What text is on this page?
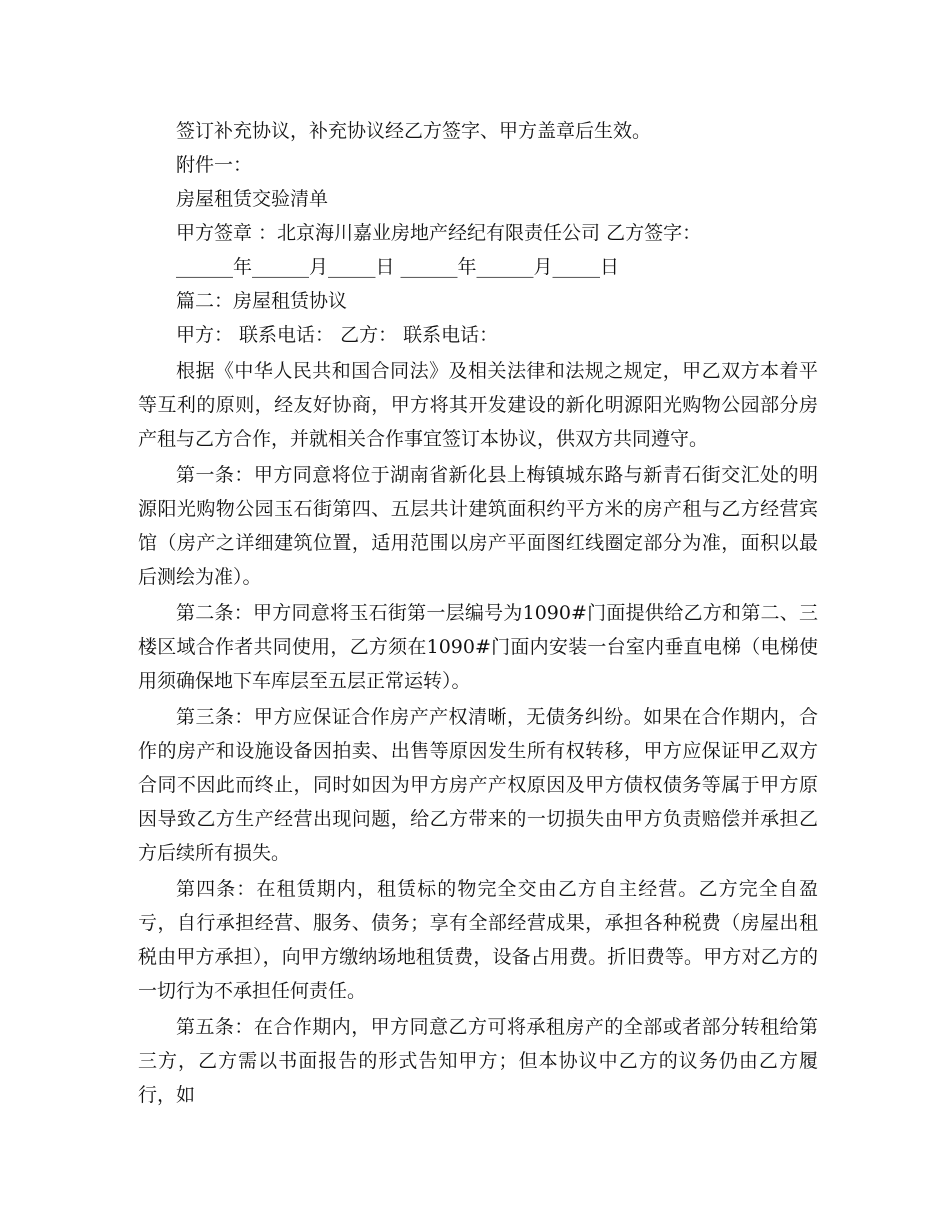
签订补充协议，补充协议经乙方签字、甲方盖章后生效。
附件一：
房屋租赁交验清单
甲方签章 ：北京海川嘉业房地产经纪有限责任公司 乙方签字：
______年______月_____日 ______年______月_____日
篇二：房屋租赁协议
甲方： 联系电话： 乙方： 联系电话：

根据《中华人民共和国合同法》及相关法律和法规之规定，甲乙双方本着平等互利的原则，经友好协商，甲方将其开发建设的新化明源阳光购物公园部分房产租与乙方合作，并就相关合作事宜签订本协议，供双方共同遵守。

第一条：甲方同意将位于湖南省新化县上梅镇城东路与新青石街交汇处的明源阳光购物公园玉石街第四、五层共计建筑面积约平方米的房产租与乙方经营宾馆（房产之详细建筑位置，适用范围以房产平面图红线圈定部分为准，面积以最后测绘为准）。

第二条：甲方同意将玉石街第一层编号为1090#门面提供给乙方和第二、三楼区域合作者共同使用，乙方须在1090#门面内安装一台室内垂直电梯（电梯使用须确保地下车库层至五层正常运转）。

第三条：甲方应保证合作房产产权清晰，无债务纠纷。如果在合作期内，合作的房产和设施设备因拍卖、出售等原因发生所有权转移，甲方应保证甲乙双方合同不因此而终止，同时如因为甲方房产产权原因及甲方债权债务等属于甲方原因导致乙方生产经营出现问题，给乙方带来的一切损失由甲方负责赔偿并承担乙方后续所有损失。

第四条：在租赁期内，租赁标的物完全交由乙方自主经营。乙方完全自盈亏，自行承担经营、服务、债务；享有全部经营成果，承担各种税费（房屋出租税由甲方承担），向甲方缴纳场地租赁费，设备占用费。折旧费等。甲方对乙方的一切行为不承担任何责任。

第五条：在合作期内，甲方同意乙方可将承租房产的全部或者部分转租给第三方，乙方需以书面报告的形式告知甲方；但本协议中乙方的议务仍由乙方履行，如
